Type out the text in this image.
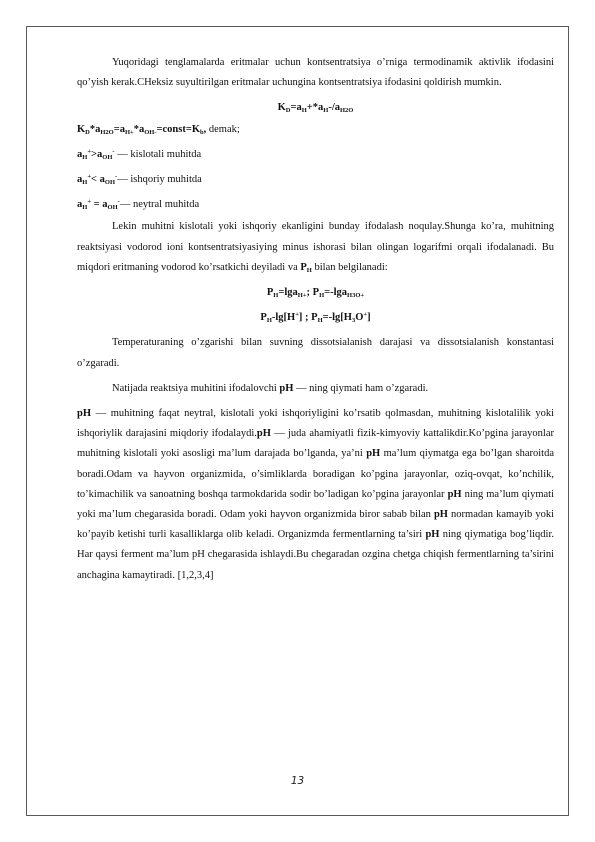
Yuqoridagi tenglamalarda eritmalar uchun kontsentratsiya o’rniga termodinamik aktivlik ifodasini qo’yish kerak.CHeksiz suyultirilgan eritmalar uchungina kontsentratsiya ifodasini qoldirish mumkin.

$K_D=a_H+*a_H-/a_{H2O}$

$K_D*a_{H2O}=a_{H+}*a_{OH-}=const=K_b$, demak;

$a_H^+>a_{OH}^-$ — kislotali muhitda

$a_H^+<$ $a_{OH}^-—$ ishqoriy muhitda

$a_H^+$ = $a_{OH}^-—$ neytral muhitda

Lekin muhitni kislotali yoki ishqoriy ekanligini bunday ifodalash noqulay.Shunga ko’ra, muhitning reaktsiyasi vodorod ioni kontsentratsiyasiying minus ishorasi bilan olingan logarifmi orqali ifodalanadi. Bu miqdori eritmaning vodorod ko’rsatkichi deyiladi va $P_H$ bilan belgilanadi:

$P_H=\lg a_{H+}$; $P_H=-\lg a_{H3O+}$

$P_H-\lg[H^+]$ ; $P_H=-\lg[H_3O^+]$

Temperaturaning o’zgarishi bilan suvning dissotsialanish darajasi va dissotsialanish konstantasi o’zgaradi.

Natijada reaktsiya muhitini ifodalovchi pH — ning qiymati ham o’zgaradi.

pH — muhitning faqat neytral, kislotali yoki ishqoriyligini ko’rsatib qolmasdan, muhitning kislotalilik yoki ishqoriylik darajasini miqdoriy ifodalaydi.pH — juda ahamiyatli fizik-kimyoviy kattalikdir.Ko’pgina jarayonlar muhitning kislotali yoki asosligi ma’lum darajada bo’lganda, ya’ni pH ma’lum qiymatga ega bo’lgan sharoitda boradi.Odam va hayvon organizmida, o’simliklarda boradigan ko’pgina jarayonlar, oziq-ovqat, ko’nchilik, to’kimachilik va sanoatning boshqa tarmokdarida sodir bo’ladigan ko’pgina jarayonlar pH ning ma’lum qiymati yoki ma’lum chegarasida boradi. Odam yoki hayvon organizmida biror sabab bilan pH normadan kamayib yoki ko’payib ketishi turli kasalliklarga olib keladi. Organizmda fermentlarning ta’siri pH ning qiymatiga bog’liqdir. Har qaysi ferment ma’lum pH chegarasida ishlaydi.Bu chegaradan ozgina chetga chiqish fermentlarning ta’sirini anchagina kamaytiradi. [1,2,3,4]

13
